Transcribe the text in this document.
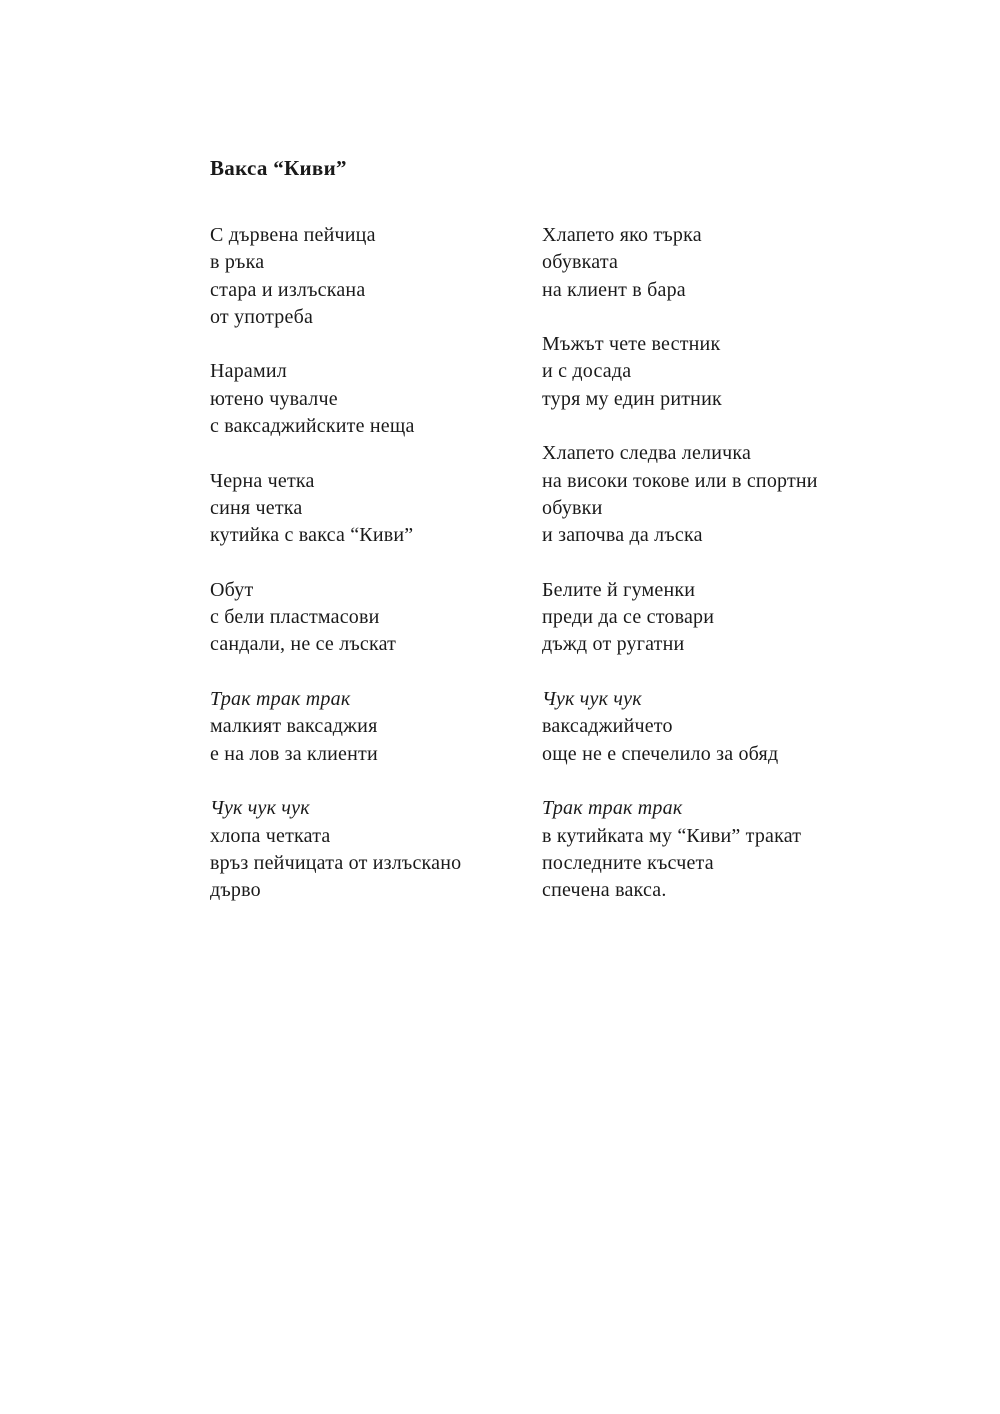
Вакса “Киви”
С дървена пейчица
в ръка
стара и излъскана
от употреба
Нарамил
ютено чувалче
с ваксаджийските неща
Черна четка
синя четка
кутийка с вакса “Киви”
Обут
с бели пластмасови
сандали, не се лъскат
Трак трак трак
малкият ваксаджия
е на лов за клиенти
Чук чук чук
хлопа четката
връз пейчицата от излъскано
дърво
Хлапето яко търка
обувката
на клиент в бара
Мъжът чете вестник
и с досада
туря му един ритник
Хлапето следва леличка
на високи токове или в спортни
обувки
и започва да лъска
Белите й гуменки
преди да се стовари
дъжд от ругатни
Чук чук чук
ваксаджийчето
още не е спечелило за обяд
Трак трак трак
в кутийката му “Киви” тракат
последните късчета
спечена вакса.
